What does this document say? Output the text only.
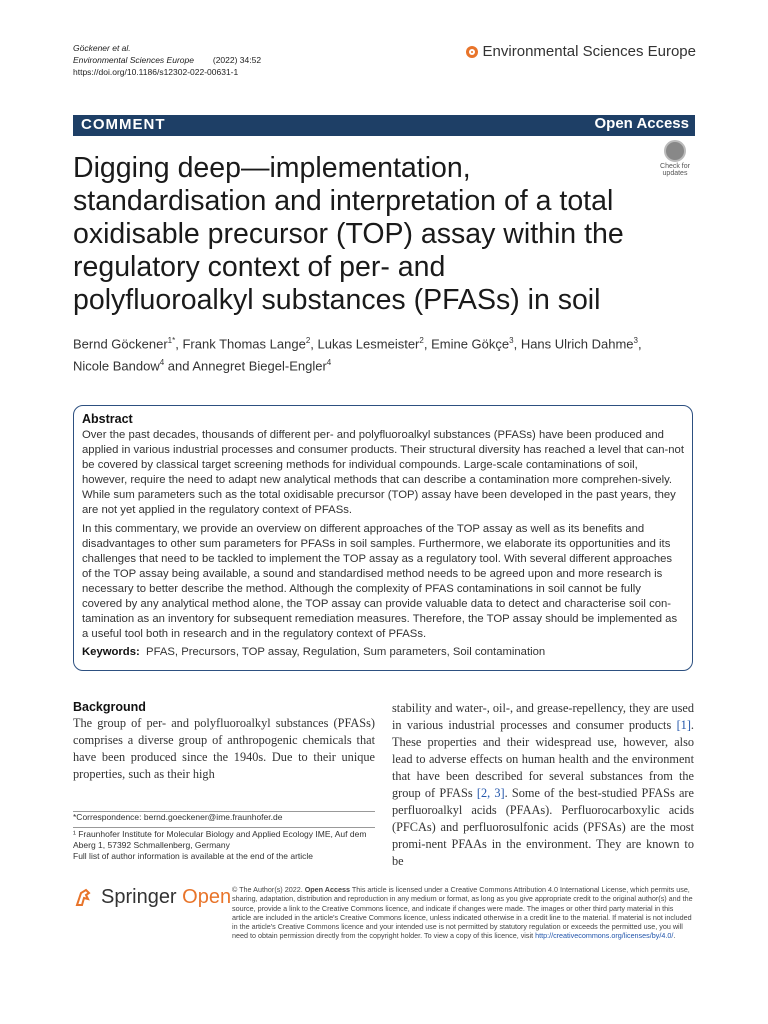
Göckener et al.
Environmental Sciences Europe (2022) 34:52
https://doi.org/10.1186/s12302-022-00631-1
Environmental Sciences Europe
COMMENT	Open Access
Digging deep—implementation, standardisation and interpretation of a total oxidisable precursor (TOP) assay within the regulatory context of per- and polyfluoroalkyl substances (PFASs) in soil
Check for updates
Bernd Göckener$^{1*}$, Frank Thomas Lange$^2$, Lukas Lesmeister$^2$, Emine Gökçe$^3$, Hans Ulrich Dahme$^3$,
Nicole Bandow$^4$ and Annegret Biegel-Engler$^4$
Abstract

Over the past decades, thousands of different per- and polyfluoroalkyl substances (PFASs) have been produced and applied in various industrial processes and consumer products. Their structural diversity has reached a level that can-not be covered by classical target screening methods for individual compounds. Large-scale contaminations of soil, however, require the need to adapt new analytical methods that can describe a contamination more comprehen-sively. While sum parameters such as the total oxidisable precursor (TOP) assay have been developed in the past years, they are not yet applied in the regulatory context of PFASs.

In this commentary, we provide an overview on different approaches of the TOP assay as well as its benefits and disadvantages to other sum parameters for PFASs in soil samples. Furthermore, we elaborate its opportunities and its challenges that need to be tackled to implement the TOP assay as a regulatory tool. With several different approaches of the TOP assay being available, a sound and standardised method needs to be agreed upon and more research is necessary to better describe the method. Although the complexity of PFAS contaminations in soil cannot be fully covered by any analytical method alone, the TOP assay can provide valuable data to detect and characterise soil con-tamination as an inventory for subsequent remediation measures. Therefore, the TOP assay should be implemented as a useful tool both in research and in the regulatory context of PFASs.

Keywords: PFAS, Precursors, TOP assay, Regulation, Sum parameters, Soil contamination
Background

The group of per- and polyfluoroalkyl substances (PFASs) comprises a diverse group of anthropogenic chemicals that have been produced since the 1940s. Due to their unique properties, such as their high

stability and water-, oil-, and grease-repellency, they are used in various industrial processes and consumer products [1]. These properties and their widespread use, however, also lead to adverse effects on human health and the environment that have been described for several substances from the group of PFASs [2, 3]. Some of the best-studied PFASs are perfluoroalkyl acids (PFAAs). Perfluorocarboxylic acids (PFCAs) and perfluorosulfonic acids (PFSAs) are the most promi-nent PFAAs in the environment. They are known to be

*Correspondence: bernd.goeckener@ime.fraunhofer.de
¹ Fraunhofer Institute for Molecular Biology and Applied Ecology IME, Auf dem Aberg 1, 57392 Schmallenberg, Germany
Full list of author information is available at the end of the article
Springer Open © The Author(s) 2022. Open Access This article is licensed under a Creative Commons Attribution 4.0 International License, which permits use, sharing, adaptation, distribution and reproduction in any medium or format, as long as you give appropriate credit to the original author(s) and the source, provide a link to the Creative Commons licence, and indicate if changes were made. The images or other third party material in this article are included in the article's Creative Commons licence, unless indicated otherwise in a credit line to the material. If material is not included in the article's Creative Commons licence and your intended use is not permitted by statutory regulation or exceeds the permitted use, you will need to obtain permission directly from the copyright holder. To view a copy of this licence, visit http://creativecommons.org/licenses/by/4.0/.
